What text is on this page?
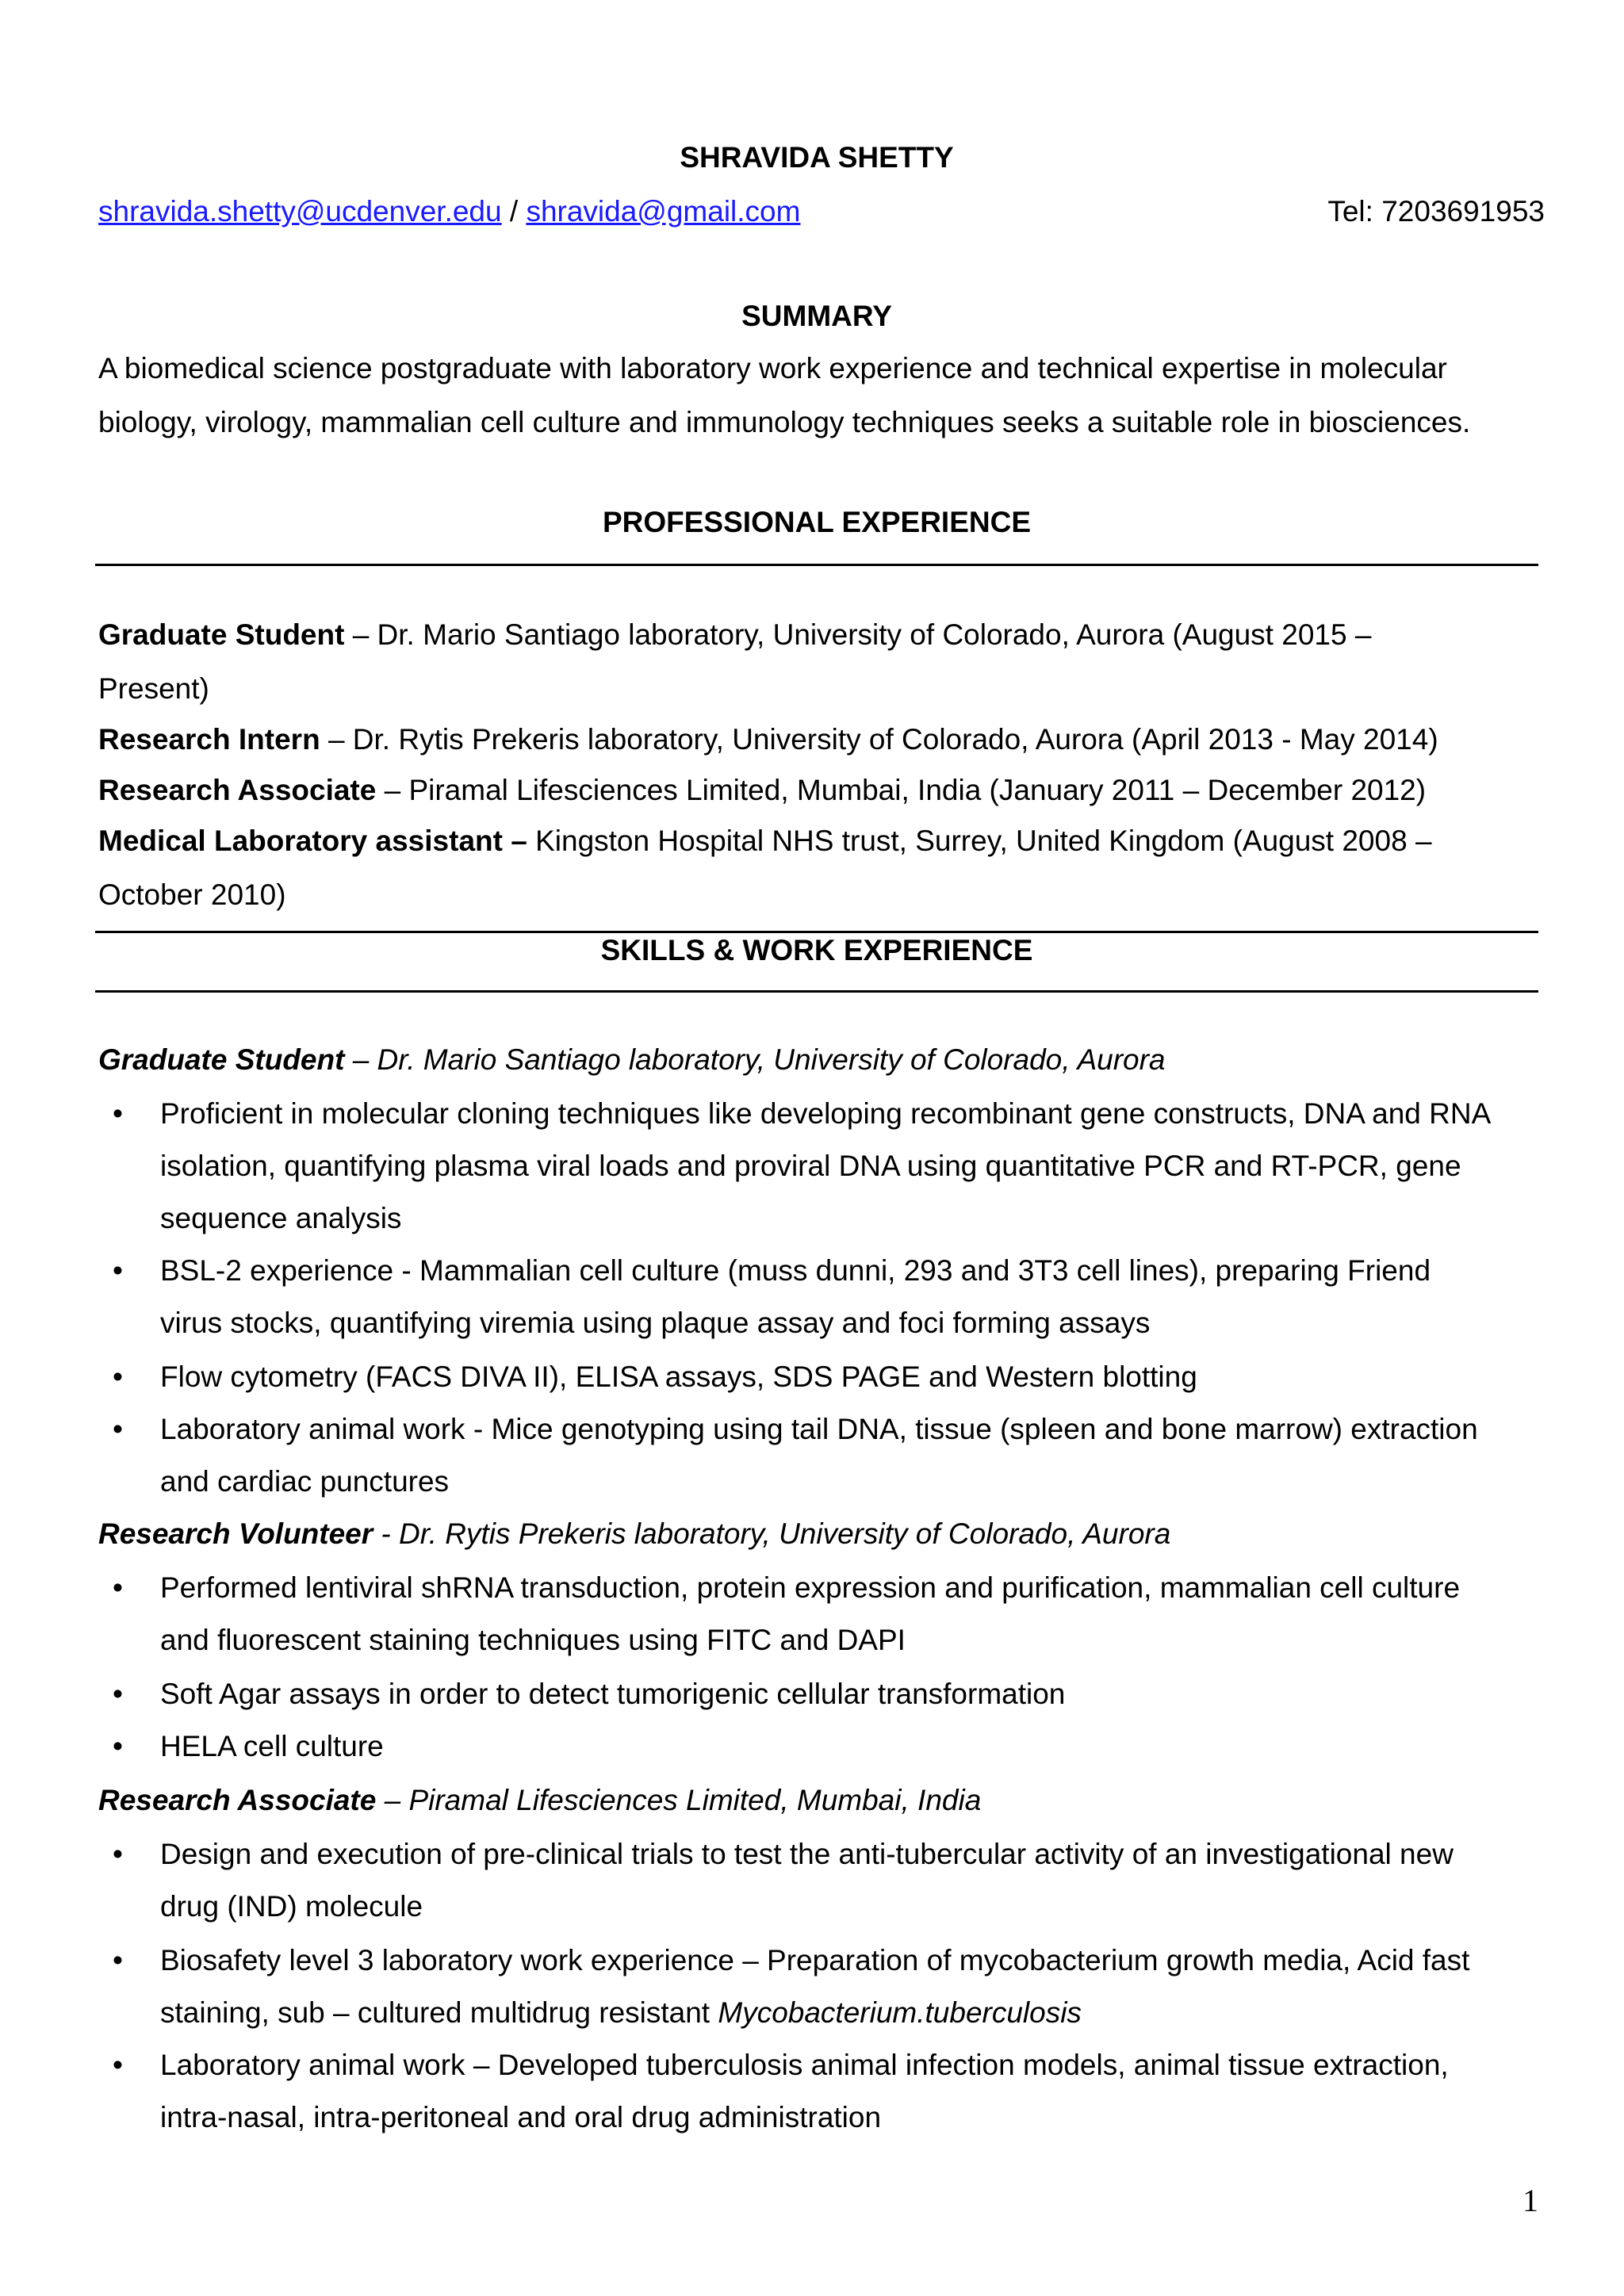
SHRAVIDA SHETTY
shravida.shetty@ucdenver.edu / shravida@gmail.com	Tel: 7203691953
SUMMARY
A biomedical science postgraduate with laboratory work experience and technical expertise in molecular
biology, virology, mammalian cell culture and immunology techniques seeks a suitable role in biosciences.
PROFESSIONAL EXPERIENCE
Graduate Student – Dr. Mario Santiago laboratory, University of Colorado, Aurora (August 2015 –
Present)
Research Intern – Dr. Rytis Prekeris laboratory, University of Colorado, Aurora (April 2013 - May 2014)
Research Associate – Piramal Lifesciences Limited, Mumbai, India (January 2011 – December 2012)
Medical Laboratory assistant – Kingston Hospital NHS trust, Surrey, United Kingdom (August 2008 –
October 2010)
SKILLS & WORK EXPERIENCE
Graduate Student – Dr. Mario Santiago laboratory, University of Colorado, Aurora
• Proficient in molecular cloning techniques like developing recombinant gene constructs, DNA and RNA
isolation, quantifying plasma viral loads and proviral DNA using quantitative PCR and RT-PCR, gene
sequence analysis
• BSL-2 experience - Mammalian cell culture (muss dunni, 293 and 3T3 cell lines), preparing Friend
virus stocks, quantifying viremia using plaque assay and foci forming assays
• Flow cytometry (FACS DIVA II), ELISA assays, SDS PAGE and Western blotting
• Laboratory animal work - Mice genotyping using tail DNA, tissue (spleen and bone marrow) extraction
and cardiac punctures
Research Volunteer - Dr. Rytis Prekeris laboratory, University of Colorado, Aurora
• Performed lentiviral shRNA transduction, protein expression and purification, mammalian cell culture
and fluorescent staining techniques using FITC and DAPI
• Soft Agar assays in order to detect tumorigenic cellular transformation
• HELA cell culture
Research Associate – Piramal Lifesciences Limited, Mumbai, India
• Design and execution of pre-clinical trials to test the anti-tubercular activity of an investigational new
drug (IND) molecule
• Biosafety level 3 laboratory work experience – Preparation of mycobacterium growth media, Acid fast
staining, sub – cultured multidrug resistant Mycobacterium.tuberculosis
• Laboratory animal work – Developed tuberculosis animal infection models, animal tissue extraction,
intra-nasal, intra-peritoneal and oral drug administration
1
